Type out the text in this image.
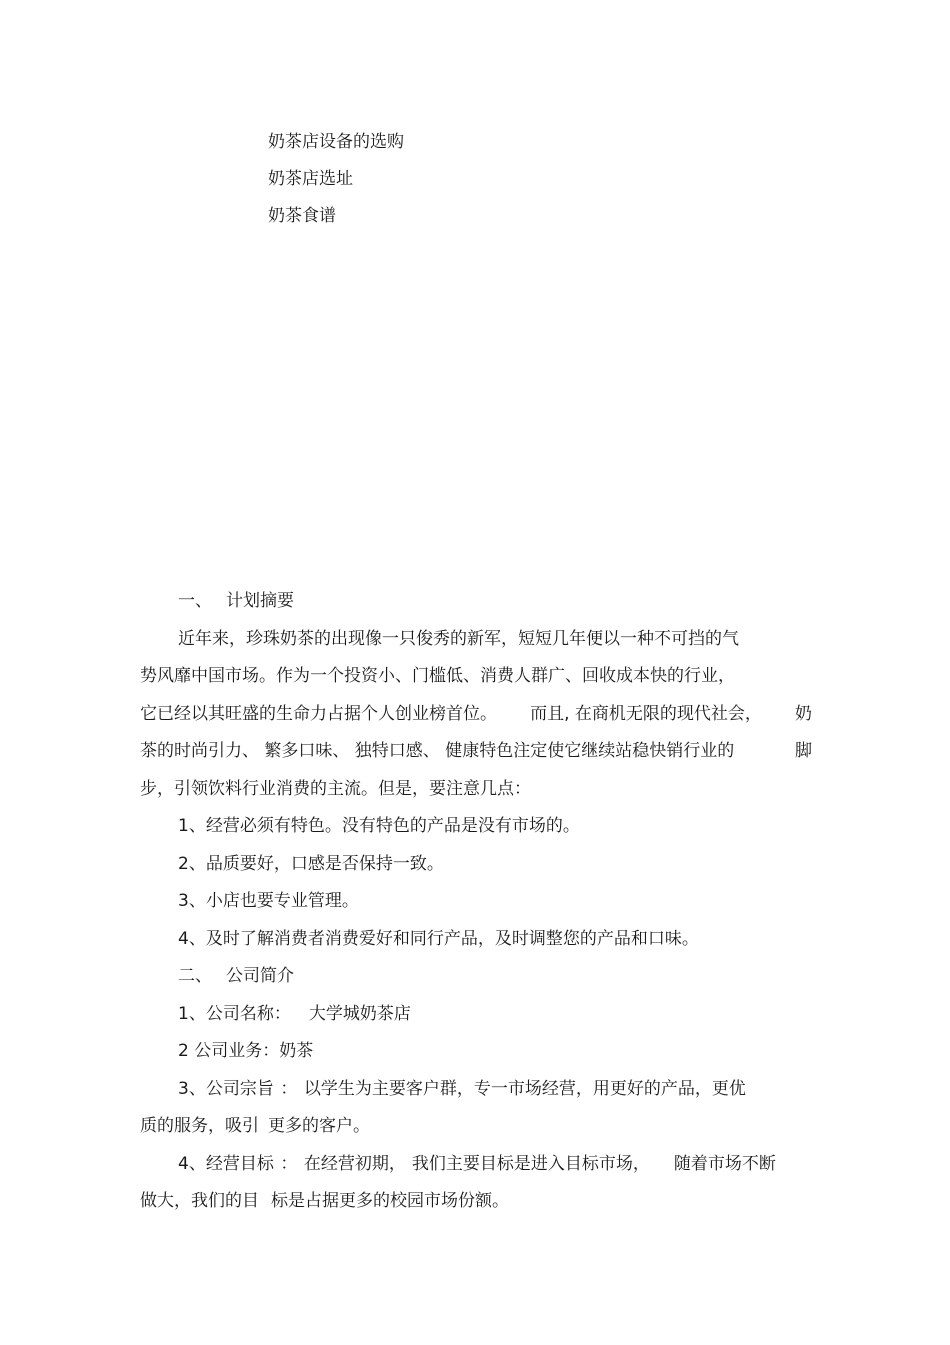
奶茶店设备的选购
奶茶店选址
奶茶食谱
一、 计划摘要
近年来，珍珠奶茶的出现像一只俊秀的新军，短短几年便以一种不可挡的气
势风靡中国市场。作为一个投资小、门槛低、消费人群广、回收成本快的行业，
它已经以其旺盛的生命力占据个人创业榜首位。 而且, 在商机无限的现代社会， 奶
茶的时尚引力、 繁多口味、 独特口感、 健康特色注定使它继续站稳快销行业的	脚
步，引领饮料行业消费的主流。但是，要注意几点：
1、经营必须有特色。没有特色的产品是没有市场的。
2、品质要好，口感是否保持一致。
3、小店也要专业管理。
4、及时了解消费者消费爱好和同行产品，及时调整您的产品和口味。
二、 公司简介
1、公司名称： 大学城奶茶店
2 公司业务：奶茶
3、公司宗旨 ： 以学生为主要客户群，专一市场经营，用更好的产品，更优
质的服务，吸引 更多的客户。
4、经营目标 ： 在经营初期， 我们主要目标是进入目标市场， 随着市场不断
做大，我们的目 标是占据更多的校园市场份额。
